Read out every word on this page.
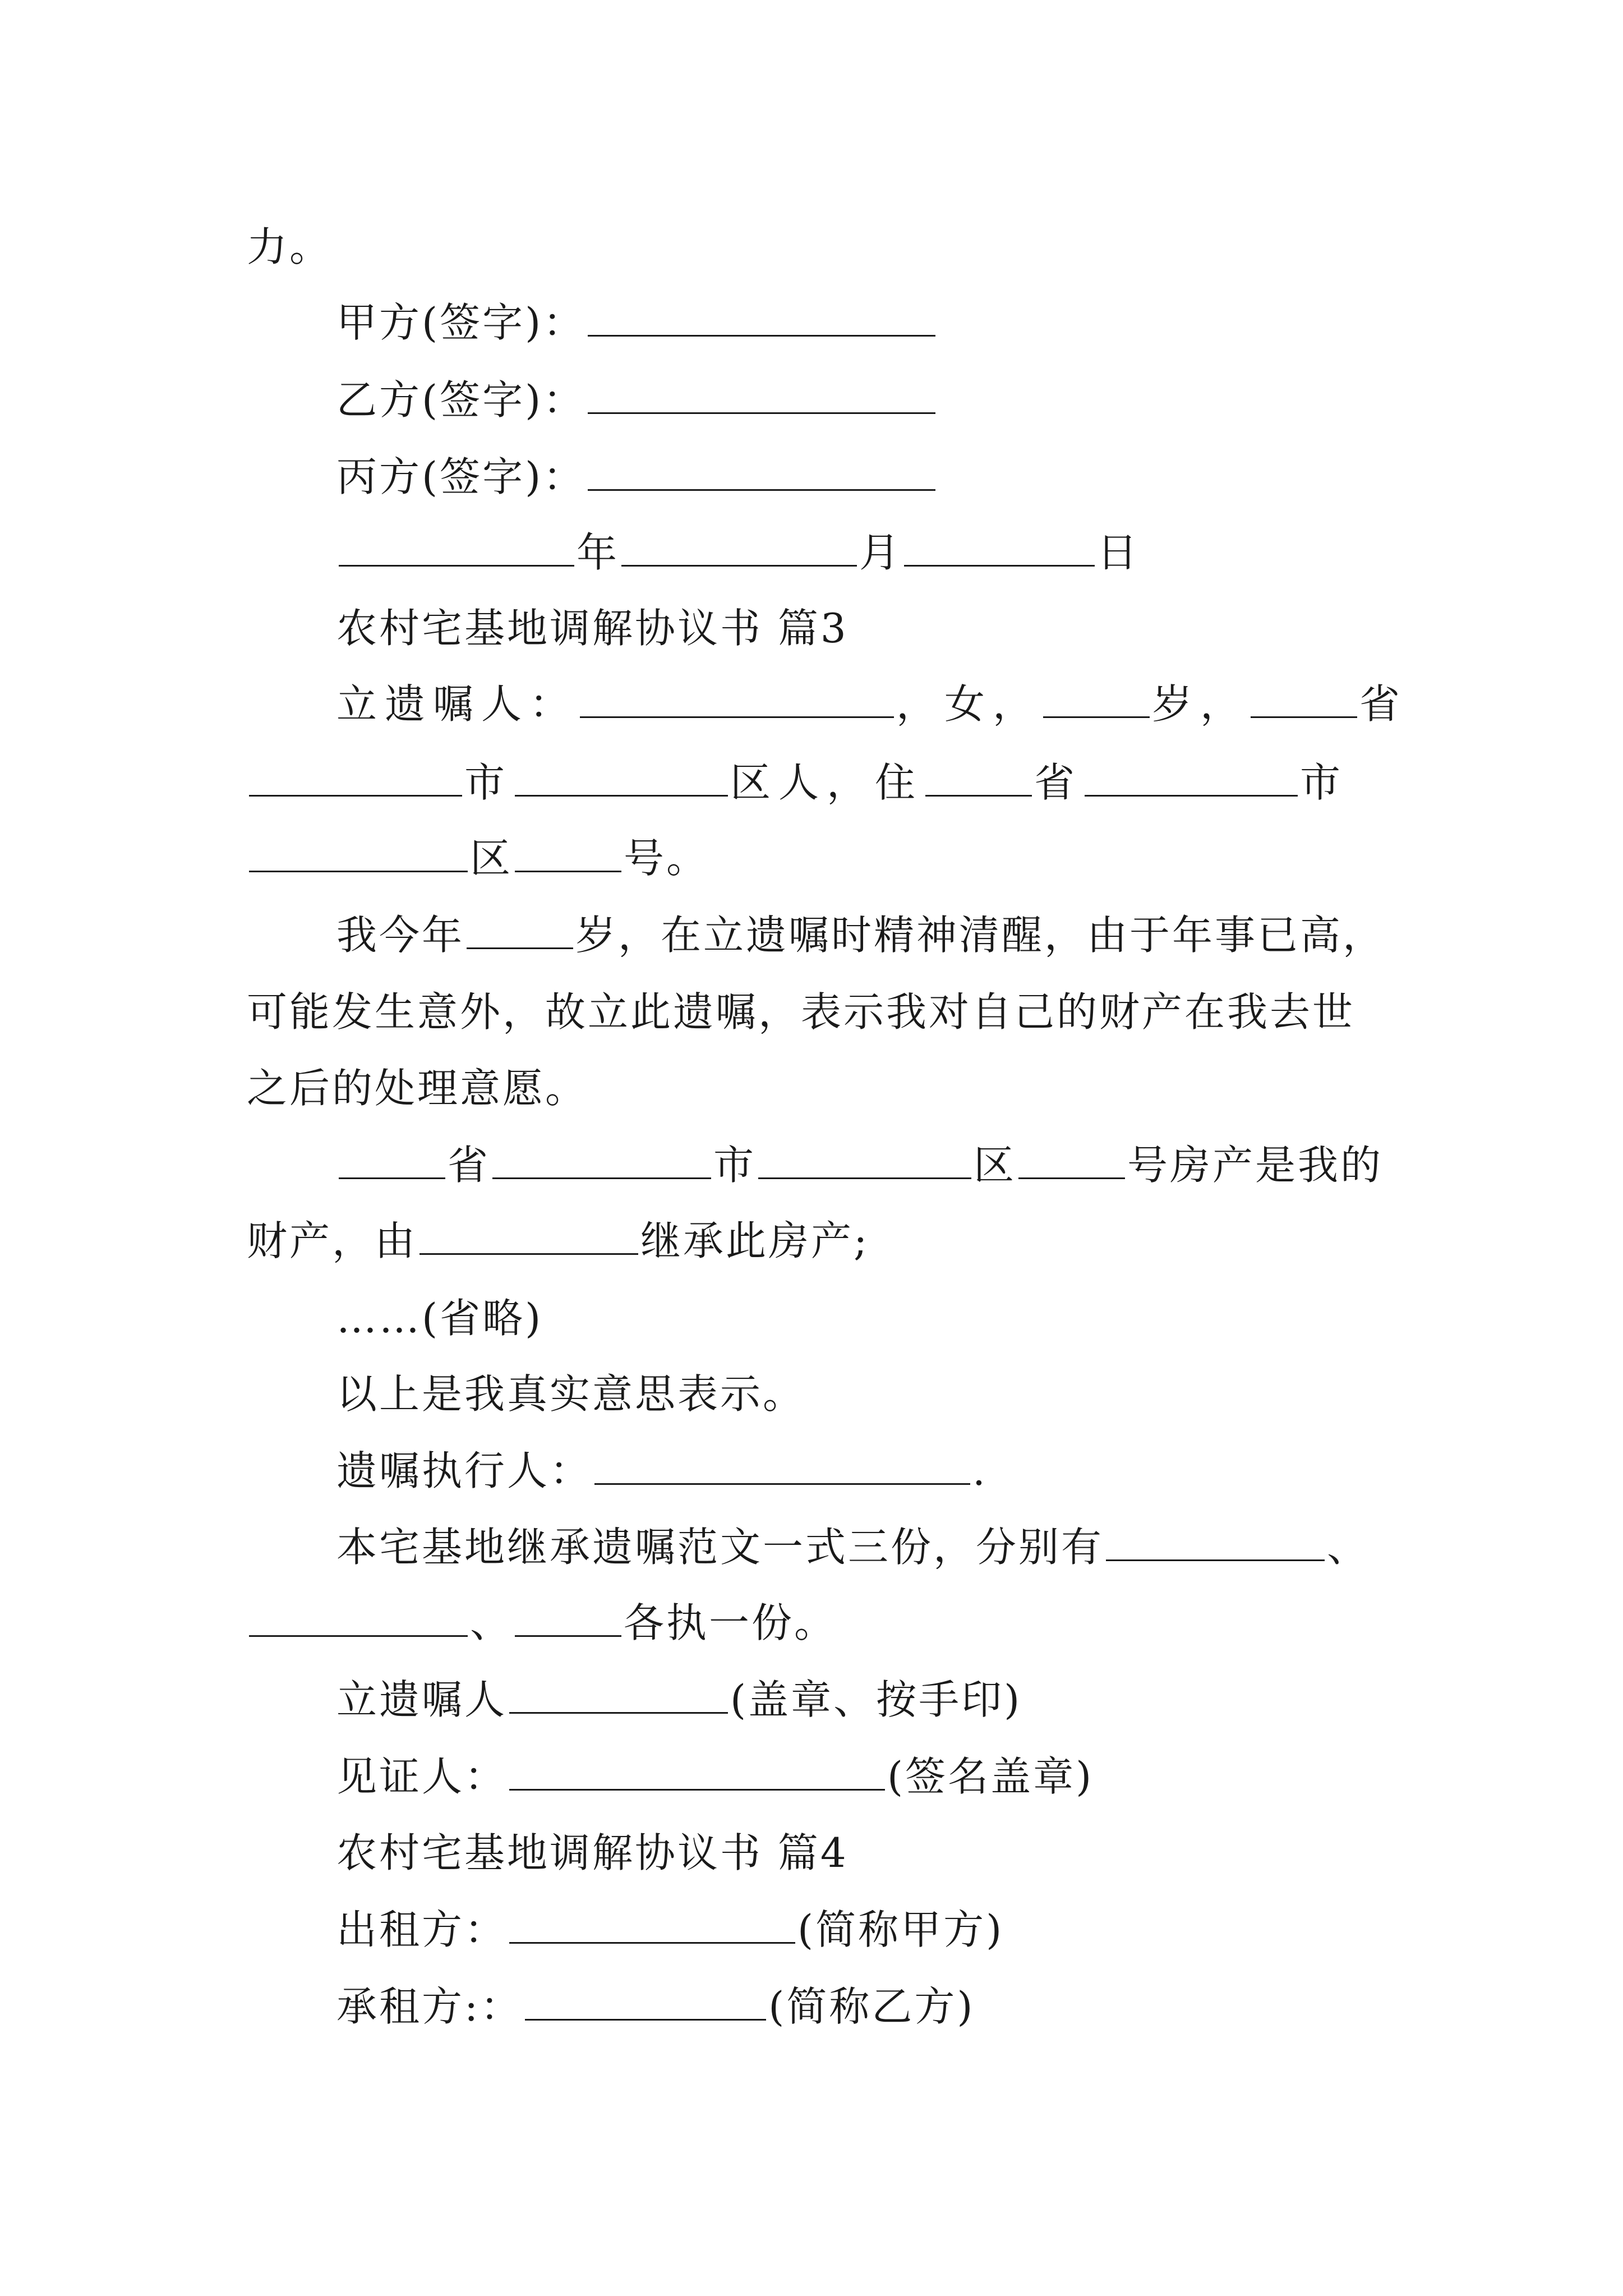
力。
甲方(签字)：
乙方(签字)：
丙方(签字)：
年	月	日
农村宅基地调解协议书 篇3
立遗嘱人：	，女，	岁，	省
市	区人，住	省	市
区	号。
我今年	岁，在立遗嘱时精神清醒，由于年事已高，
可能发生意外，故立此遗嘱，表示我对自己的财产在我去世
之后的处理意愿。
省	市	区	号房产是我的
财产，由	继承此房产;
……(省略)
以上是我真实意思表示。
遗嘱执行人：	.
本宅基地继承遗嘱范文一式三份，分别有	、
、	各执一份。
立遗嘱人	(盖章、按手印)
见证人：	(签名盖章)
农村宅基地调解协议书 篇4
出租方：	(简称甲方)
承租方:：	(简称乙方)
